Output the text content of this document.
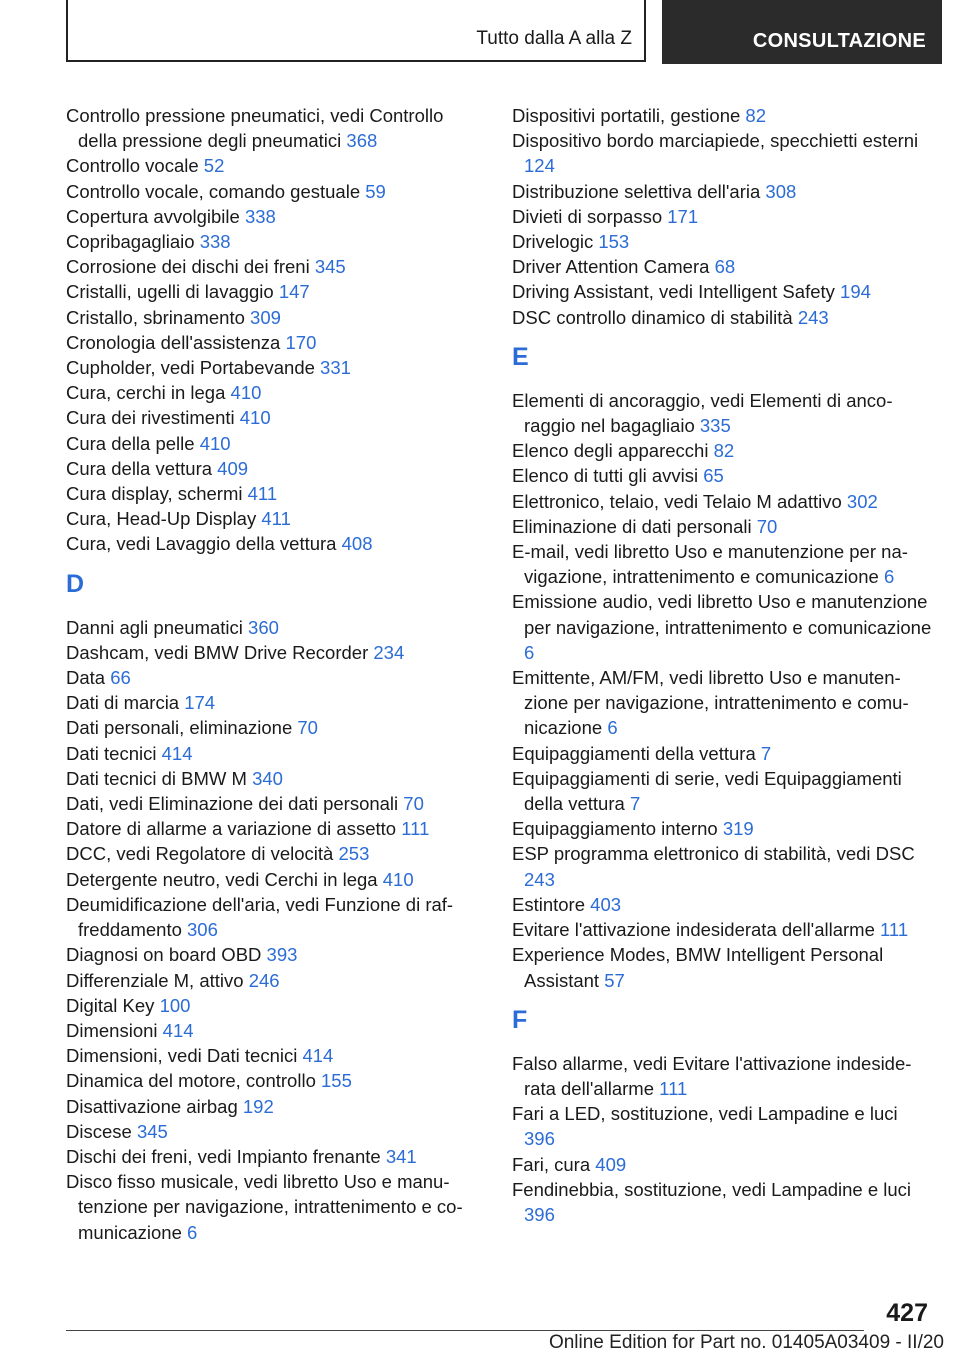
Tutto dalla A alla Z	CONSULTAZIONE
Controllo pressione pneumatici, vedi Controllo della pressione degli pneumatici 368
Controllo vocale 52
Controllo vocale, comando gestuale 59
Copertura avvolgibile 338
Copribagagliaio 338
Corrosione dei dischi dei freni 345
Cristalli, ugelli di lavaggio 147
Cristallo, sbrinamento 309
Cronologia dell'assistenza 170
Cupholder, vedi Portabevande 331
Cura, cerchi in lega 410
Cura dei rivestimenti 410
Cura della pelle 410
Cura della vettura 409
Cura display, schermi 411
Cura, Head-Up Display 411
Cura, vedi Lavaggio della vettura 408
D
Danni agli pneumatici 360
Dashcam, vedi BMW Drive Recorder 234
Data 66
Dati di marcia 174
Dati personali, eliminazione 70
Dati tecnici 414
Dati tecnici di BMW M 340
Dati, vedi Eliminazione dei dati personali 70
Datore di allarme a variazione di assetto 111
DCC, vedi Regolatore di velocità 253
Detergente neutro, vedi Cerchi in lega 410
Deumidificazione dell'aria, vedi Funzione di raffreddamento 306
Diagnosi on board OBD 393
Differenziale M, attivo 246
Digital Key 100
Dimensioni 414
Dimensioni, vedi Dati tecnici 414
Dinamica del motore, controllo 155
Disattivazione airbag 192
Discese 345
Dischi dei freni, vedi Impianto frenante 341
Disco fisso musicale, vedi libretto Uso e manutenzione per navigazione, intrattenimento e comunicazione 6
Dispositivi portatili, gestione 82
Dispositivo bordo marciapiede, specchietti esterni 124
Distribuzione selettiva dell'aria 308
Divieti di sorpasso 171
Drivelogic 153
Driver Attention Camera 68
Driving Assistant, vedi Intelligent Safety 194
DSC controllo dinamico di stabilità 243
E
Elementi di ancoraggio, vedi Elementi di ancoraggio nel bagagliaio 335
Elenco degli apparecchi 82
Elenco di tutti gli avvisi 65
Elettronico, telaio, vedi Telaio M adattivo 302
Eliminazione di dati personali 70
E-mail, vedi libretto Uso e manutenzione per navigazione, intrattenimento e comunicazione 6
Emissione audio, vedi libretto Uso e manutenzione per navigazione, intrattenimento e comunicazione 6
Emittente, AM/FM, vedi libretto Uso e manutenzione per navigazione, intrattenimento e comunicazione 6
Equipaggiamenti della vettura 7
Equipaggiamenti di serie, vedi Equipaggiamenti della vettura 7
Equipaggiamento interno 319
ESP programma elettronico di stabilità, vedi DSC 243
Estintore 403
Evitare l'attivazione indesiderata dell'allarme 111
Experience Modes, BMW Intelligent Personal Assistant 57
F
Falso allarme, vedi Evitare l'attivazione indesiderata dell'allarme 111
Fari a LED, sostituzione, vedi Lampadine e luci 396
Fari, cura 409
Fendinebbia, sostituzione, vedi Lampadine e luci 396
427
Online Edition for Part no. 01405A03409 - II/20
